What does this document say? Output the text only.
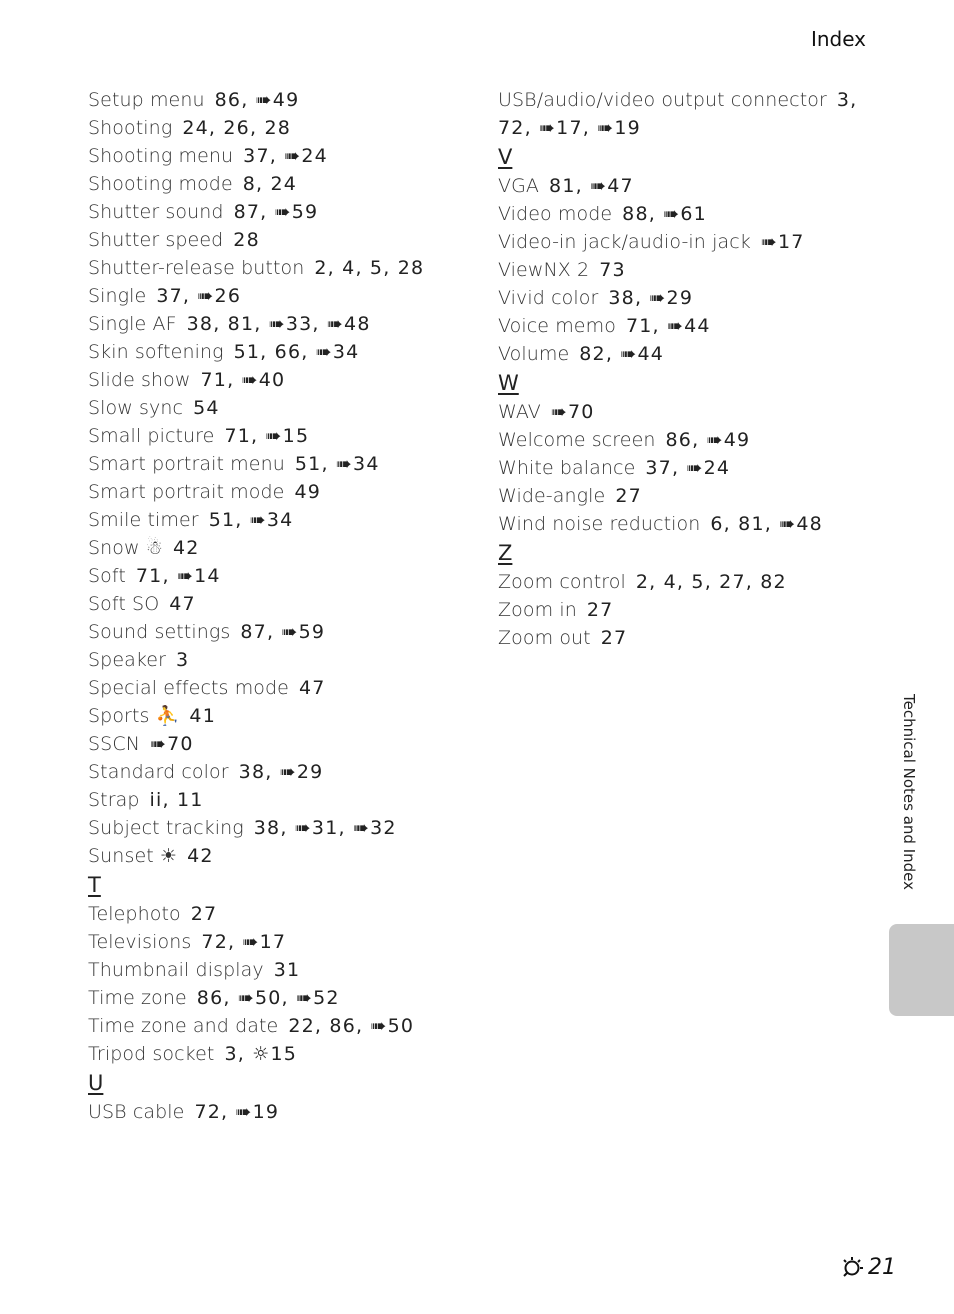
Index
Setup menu 86, ➠49
Shooting 24, 26, 28
Shooting menu 37, ➠24
Shooting mode 8, 24
Shutter sound 87, ➠59
Shutter speed 28
Shutter-release button 2, 4, 5, 28
Single 37, ➠26
Single AF 38, 81, ➠33, ➠48
Skin softening 51, 66, ➠34
Slide show 71, ➠40
Slow sync 54
Small picture 71, ➠15
Smart portrait menu 51, ➠34
Smart portrait mode 49
Smile timer 51, ➠34
Snow ☃ 42
Soft 71, ➠14
Soft SO 47
Sound settings 87, ➠59
Speaker 3
Special effects mode 47
Sports ⛹ 41
SSCN ➠70
Standard color 38, ➠29
Strap ii, 11
Subject tracking 38, ➠31, ➠32
Sunset ☀ 42
T
Telephoto 27
Televisions 72, ➠17
Thumbnail display 31
Time zone 86, ➠50, ➠52
Time zone and date 22, 86, ➠50
Tripod socket 3, ☼15
U
USB cable 72, ➠19
USB/audio/video output connector 3, 72, ➠17, ➠19
V
VGA 81, ➠47
Video mode 88, ➠61
Video-in jack/audio-in jack ➠17
ViewNX 2 73
Vivid color 38, ➠29
Voice memo 71, ➠44
Volume 82, ➠44
W
WAV ➠70
Welcome screen 86, ➠49
White balance 37, ➠24
Wide-angle 27
Wind noise reduction 6, 81, ➠48
Z
Zoom control 2, 4, 5, 27, 82
Zoom in 27
Zoom out 27
Technical Notes and Index
21
